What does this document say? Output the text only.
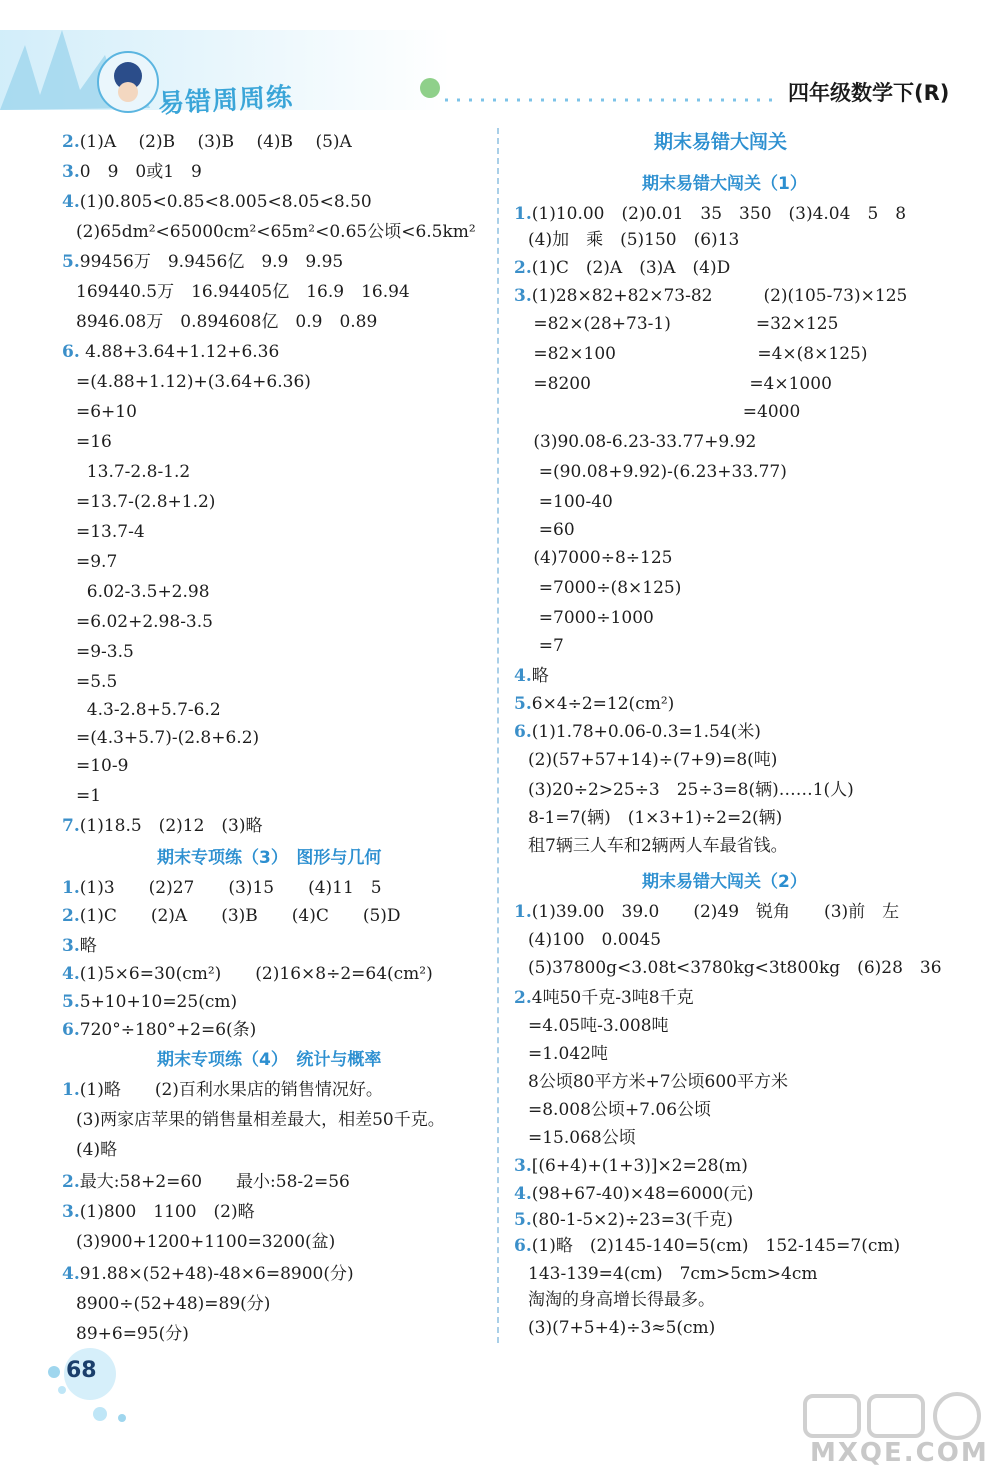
易错周周练	四年级数学下(R)
2.(1)A　 (2)B　 (3)B　 (4)B　 (5)A
3.0　9　0或1　9
4.(1)0.805<0.85<8.005<8.05<8.50
(2)65dm²<65000cm²<65m²<0.65公顷<6.5km²
5.99456万　9.9456亿　9.9　9.95
169440.5万　16.94405亿　16.9　16.94
8946.08万　0.894608亿　0.9　0.89
6. 4.88+3.64+1.12+6.36
=(4.88+1.12)+(3.64+6.36)
=6+10
=16
13.7-2.8-1.2
=13.7-(2.8+1.2)
=13.7-4
=9.7
6.02-3.5+2.98
=6.02+2.98-3.5
=9-3.5
=5.5
4.3-2.8+5.7-6.2
=(4.3+5.7)-(2.8+6.2)
=10-9
=1
7.(1)18.5　(2)12　(3)略
期末专项练（3）　图形与几何
1.(1)3　　(2)27　　(3)15　　(4)11　5
2.(1)C　　(2)A　　(3)B　　(4)C　　(5)D
3.略
4.(1)5×6=30(cm²)　　(2)16×8÷2=64(cm²)
5.5+10+10=25(cm)
6.720°÷180°+2=6(条)
期末专项练（4）　统计与概率
1.(1)略　　(2)百利水果店的销售情况好。
(3)两家店苹果的销售量相差最大，相差50千克。
(4)略
2.最大:58+2=60　　最小:58-2=56
3.(1)800　1100　(2)略
(3)900+1200+1100=3200(盆)
4.91.88×(52+48)-48×6=8900(分)
8900÷(52+48)=89(分)
89+6=95(分)
期末易错大闯关
期末易错大闯关（1）
1.(1)10.00　(2)0.01　35　350　(3)4.04　5　8
(4)加　乘　(5)150　(6)13
2.(1)C　(2)A　(3)A　(4)D
3.(1)28×82+82×73-82　　　(2)(105-73)×125
=82×(28+73-1)　　　　　=32×125
=82×100　　　　　　　　 =4×(8×125)
=8200　　　　　　　　　 =4×1000
　　　　　　　　　　　　  =4000
(3)90.08-6.23-33.77+9.92
=(90.08+9.92)-(6.23+33.77)
=100-40
=60
(4)7000÷8÷125
=7000÷(8×125)
=7000÷1000
=7
4.略
5.6×4÷2=12(cm²)
6.(1)1.78+0.06-0.3=1.54(米)
(2)(57+57+14)÷(7+9)=8(吨)
(3)20÷2>25÷3　25÷3=8(辆)……1(人)
8-1=7(辆)　(1×3+1)÷2=2(辆)
租7辆三人车和2辆两人车最省钱。
期末易错大闯关（2）
1.(1)39.00　39.0　　(2)49　锐角　　(3)前　左
(4)100　0.0045
(5)37800g<3.08t<3780kg<3t800kg　(6)28　36
2.4吨50千克-3吨8千克
=4.05吨-3.008吨
=1.042吨
8公顷80平方米+7公顷600平方米
=8.008公顷+7.06公顷
=15.068公顷
3.[(6+4)+(1+3)]×2=28(m)
4.(98+67-40)×48=6000(元)
5.(80-1-5×2)÷23=3(千克)
6.(1)略　(2)145-140=5(cm)　152-145=7(cm)
143-139=4(cm)　7cm>5cm>4cm
淘淘的身高增长得最多。
(3)(7+5+4)÷3≈5(cm)
68
MXQE.COM
